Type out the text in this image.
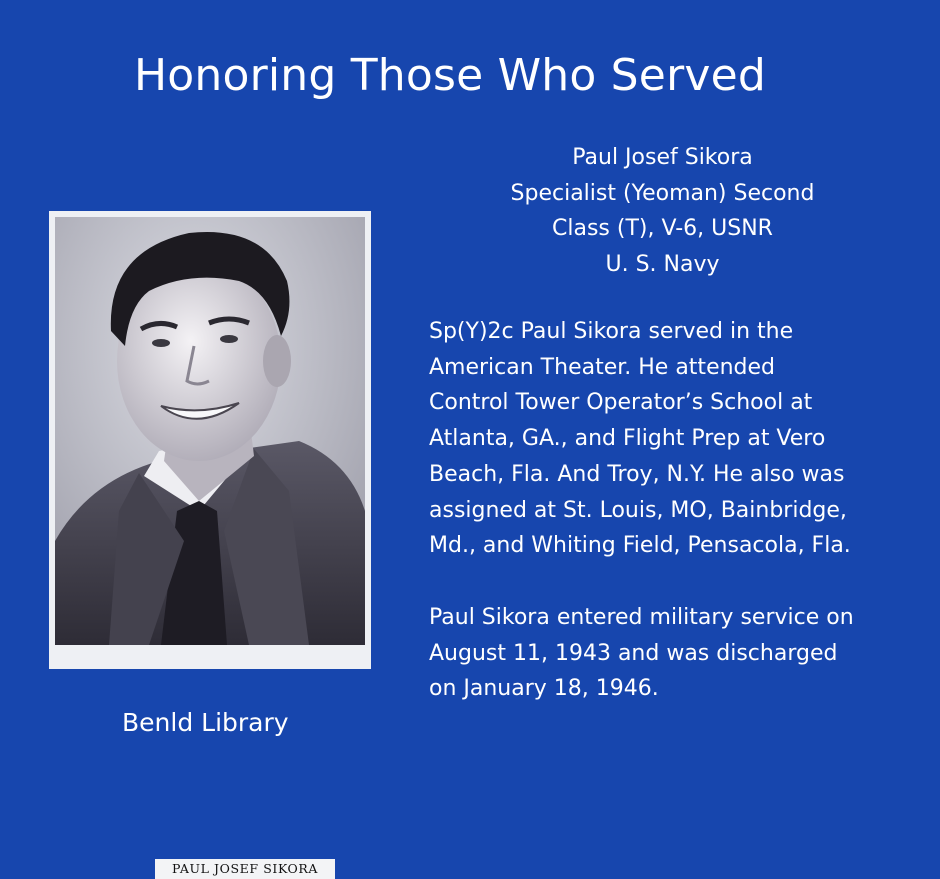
Honoring Those Who Served
Paul Josef Sikora
Specialist (Yeoman) Second
Class (T), V-6, USNR
U. S. Navy

Sp(Y)2c Paul Sikora served in the
American Theater. He attended
Control Tower Operator’s School at
Atlanta, GA., and Flight Prep at Vero
Beach, Fla. And Troy, N.Y. He also was
assigned at St. Louis, MO, Bainbridge,
Md., and Whiting Field, Pensacola, Fla.

Paul Sikora entered military service on
August 11, 1943 and was discharged
on January 18, 1946.

PAUL JOSEF SIKORA
Benld Library
